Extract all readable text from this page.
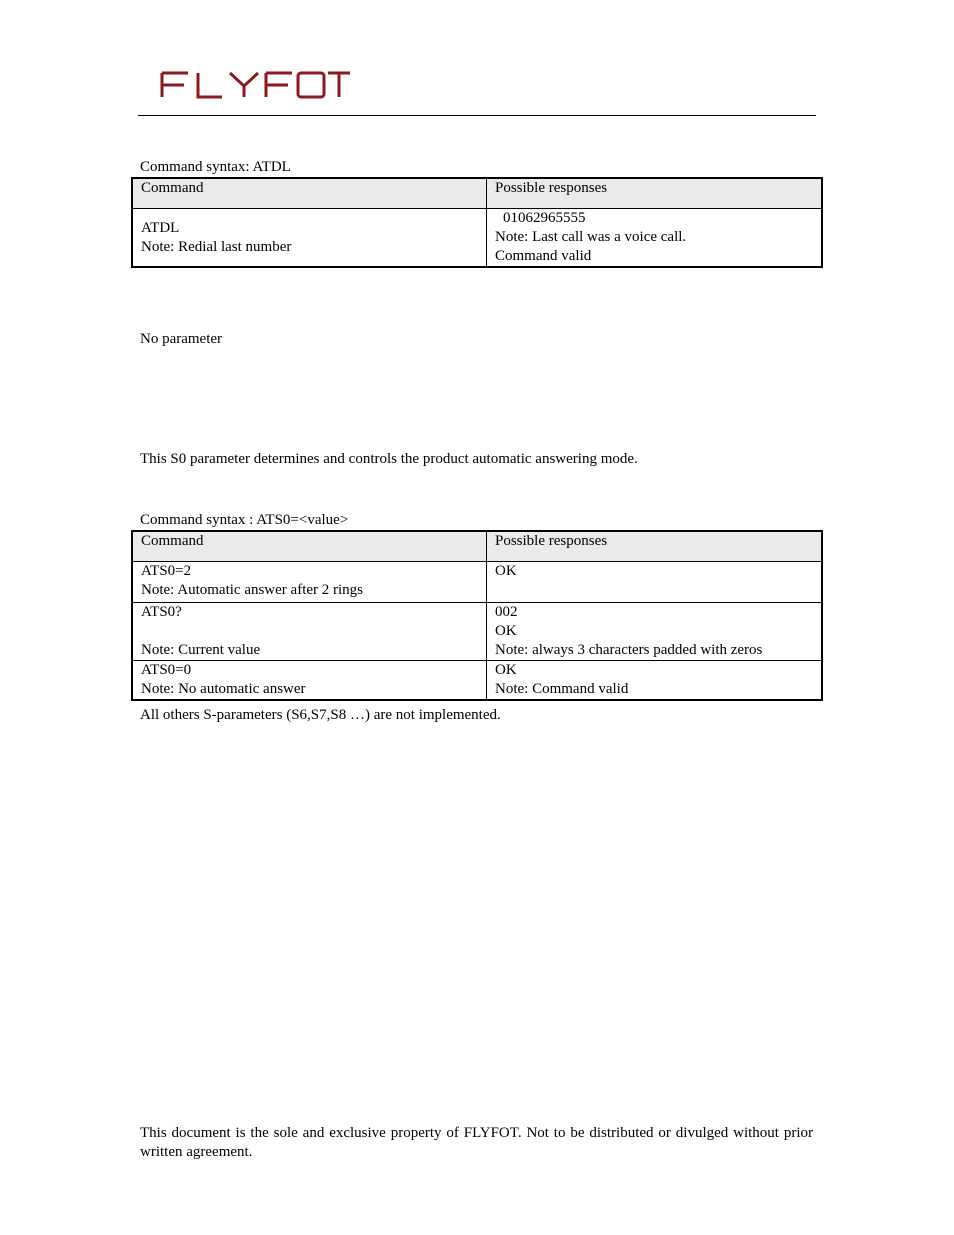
Command syntax: ATDL
Command	Possible responses

ATDL
Note: Redial last number	01062965555
Note: Last call was a voice call.
Command valid
No parameter
This S0 parameter determines and controls the product automatic answering mode.
Command syntax : ATS0=<value>
Command	Possible responses

ATS0=2
Note: Automatic answer after 2 rings	OK

ATS0?
Note: Current value	002
OK
Note: always 3 characters padded with zeros

ATS0=0
Note: No automatic answer	OK
Note: Command valid
All others S-parameters (S6,S7,S8 …) are not implemented.
This document is the sole and exclusive property of FLYFOT. Not to be distributed or divulged without prior written agreement.
